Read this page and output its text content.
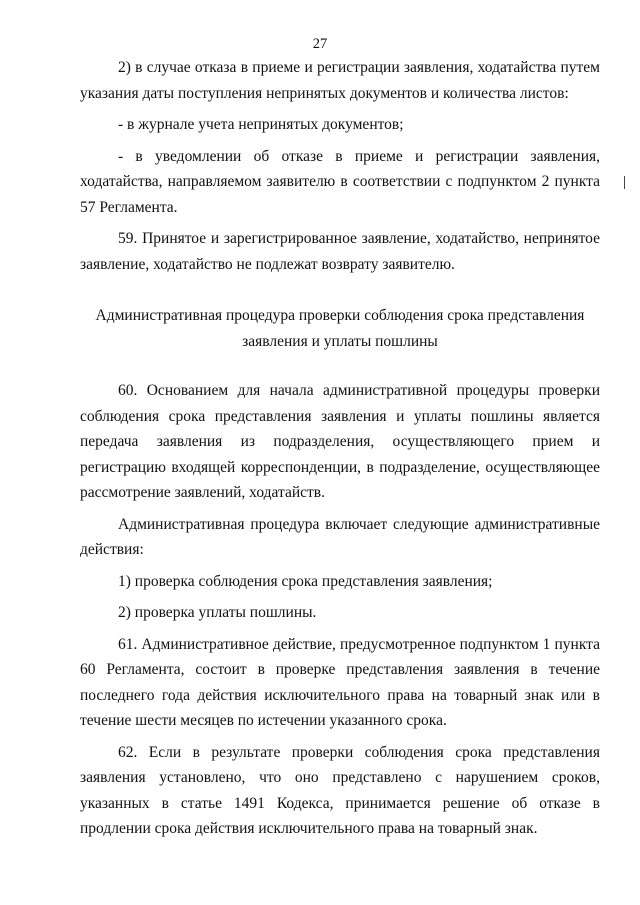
27

2) в случае отказа в приеме и регистрации заявления, ходатайства путем указания даты поступления непринятых документов и количества листов:

- в журнале учета непринятых документов;

- в уведомлении об отказе в приеме и регистрации заявления, ходатайства, направляемом заявителю в соответствии с подпунктом 2 пункта 57 Регламента.

59. Принятое и зарегистрированное заявление, ходатайство, непринятое заявление, ходатайство не подлежат возврату заявителю.

Административная процедура проверки соблюдения срока представления заявления и уплаты пошлины

60. Основанием для начала административной процедуры проверки соблюдения срока представления заявления и уплаты пошлины является передача заявления из подразделения, осуществляющего прием и регистрацию входящей корреспонденции, в подразделение, осуществляющее рассмотрение заявлений, ходатайств.

Административная процедура включает следующие административные действия:

1) проверка соблюдения срока представления заявления;

2) проверка уплаты пошлины.

61. Административное действие, предусмотренное подпунктом 1 пункта 60 Регламента, состоит в проверке представления заявления в течение последнего года действия исключительного права на товарный знак или в течение шести месяцев по истечении указанного срока.

62. Если в результате проверки соблюдения срока представления заявления установлено, что оно представлено с нарушением сроков, указанных в статье 1491 Кодекса, принимается решение об отказе в продлении срока действия исключительного права на товарный знак.
